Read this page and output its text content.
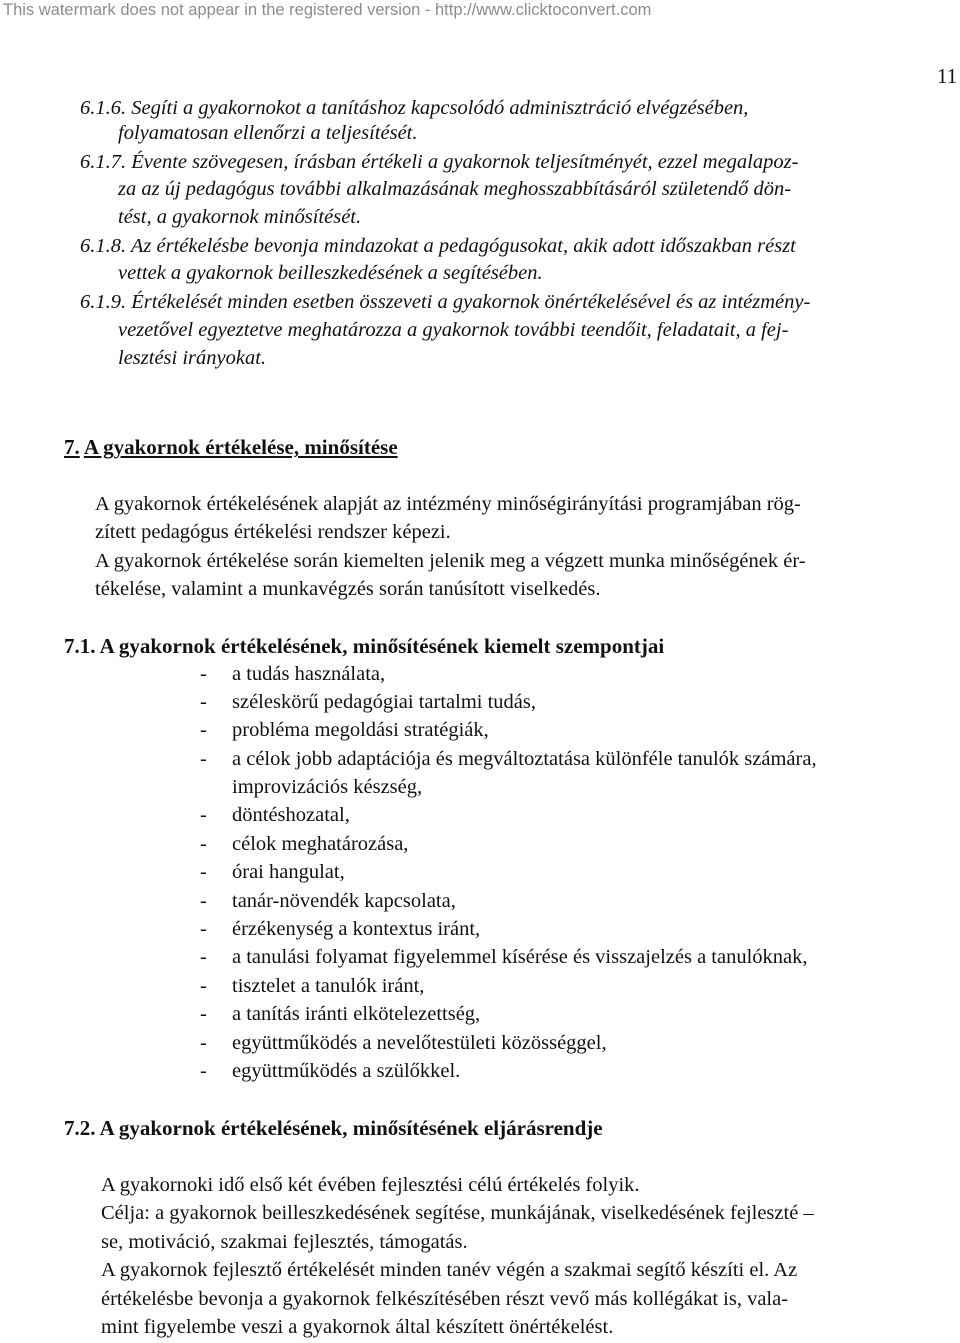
This watermark does not appear in the registered version - http://www.clicktoconvert.com
11

6.1.6. Segíti a gyakornokot a tanításhoz kapcsolódó adminisztráció elvégzésében,

folyamatosan ellenőrzi a teljesítését.

6.1.7. Évente szövegesen, írásban értékeli a gyakornok teljesítményét, ezzel megalapoz-

za az új pedagógus további alkalmazásának meghosszabbításáról születendő dön-

tést, a gyakornok minősítését.

6.1.8. Az értékelésbe bevonja mindazokat a pedagógusokat, akik adott időszakban részt

vettek a gyakornok beilleszkedésének a segítésében.

6.1.9. Értékelését minden esetben összeveti a gyakornok önértékelésével és az intézmény-

vezetővel egyeztetve meghatározza a gyakornok további teendőit, feladatait, a fej-

lesztési irányokat.

7. A gyakornok értékelése, minősítése

A gyakornok értékelésének alapját az intézmény minőségirányítási programjában rög-

zített pedagógus értékelési rendszer képezi.

A gyakornok értékelése során kiemelten jelenik meg a végzett munka minőségének ér-

tékelése, valamint a munkavégzés során tanúsított viselkedés.

7.1. A gyakornok értékelésének, minősítésének kiemelt szempontjai
- a tudás használata,
- széleskörű pedagógiai tartalmi tudás,
- probléma megoldási stratégiák,
- a célok jobb adaptációja és megváltoztatása különféle tanulók számára,
improvizációs készség,
- döntéshozatal,
- célok meghatározása,
- órai hangulat,
- tanár-növendék kapcsolata,
- érzékenység a kontextus iránt,
- a tanulási folyamat figyelemmel kísérése és visszajelzés a tanulóknak,
- tisztelet a tanulók iránt,
- a tanítás iránti elkötelezettség,
- együttműködés a nevelőtestületi közösséggel,
- együttműködés a szülőkkel.
7.2. A gyakornok értékelésének, minősítésének eljárásrendje

A gyakornoki idő első két évében fejlesztési célú értékelés folyik.

Célja: a gyakornok beilleszkedésének segítése, munkájának, viselkedésének fejleszté –

se, motiváció, szakmai fejlesztés, támogatás.

A gyakornok fejlesztő értékelését minden tanév végén a szakmai segítő készíti el. Az

értékelésbe bevonja a gyakornok felkészítésében részt vevő más kollégákat is, vala-

mint figyelembe veszi a gyakornok által készített önértékelést.
